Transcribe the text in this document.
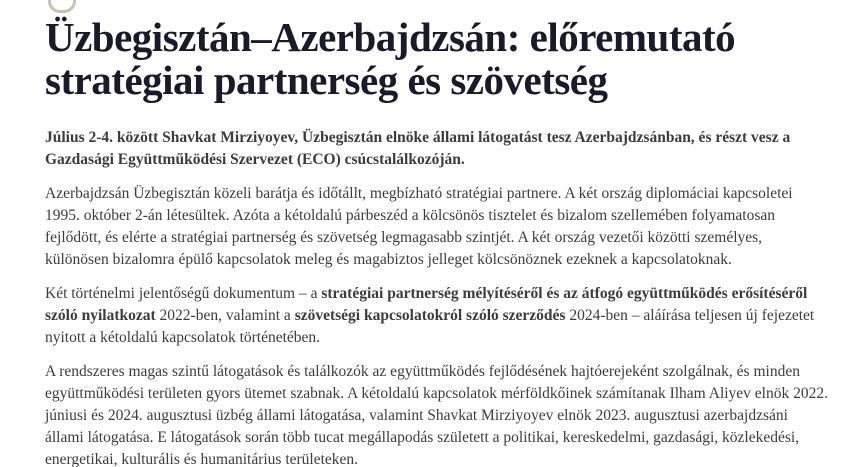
Üzbegisztán–Azerbajdzsán: előremutató stratégiai partnerség és szövetség

Július 2-4. között Shavkat Mirziyoyev, Üzbegisztán elnöke állami látogatást tesz Azerbajdzsánban, és részt vesz a Gazdasági Együttműködési Szervezet (ECO) csúcstalálkozóján.

Azerbajdzsán Üzbegisztán közeli barátja és időtállt, megbízható stratégiai partnere. A két ország diplomáciai kapcsoletei 1995. október 2-án létesültek. Azóta a kétoldalú párbeszéd a kölcsönös tisztelet és bizalom szellemében folyamatosan fejlődött, és elérte a stratégiai partnerség és szövetség legmagasabb szintjét. A két ország vezetői közötti személyes, különösen bizalomra épülő kapcsolatok meleg és magabiztos jelleget kölcsönöznek ezeknek a kapcsolatoknak.

Két történelmi jelentőségű dokumentum – a stratégiai partnerség mélyítéséről és az átfogó együttműködés erősítéséről szóló nyilatkozat 2022-ben, valamint a szövetségi kapcsolatokról szóló szerződés 2024-ben – aláírása teljesen új fejezetet nyitott a kétoldalú kapcsolatok történetében.

A rendszeres magas szintű látogatások és találkozók az együttműködés fejlődésének hajtóerejeként szolgálnak, és minden együttműködési területen gyors ütemet szabnak. A kétoldalú kapcsolatok mérföldkőinek számítanak Ilham Aliyev elnök 2022. júniusi és 2024. augusztusi üzbég állami látogatása, valamint Shavkat Mirziyoyev elnök 2023. augusztusi azerbajdzsáni állami látogatása. E látogatások során több tucat megállapodás született a politikai, kereskedelmi, gazdasági, közlekedési, energetikai, kulturális és humanitárius területeken.
